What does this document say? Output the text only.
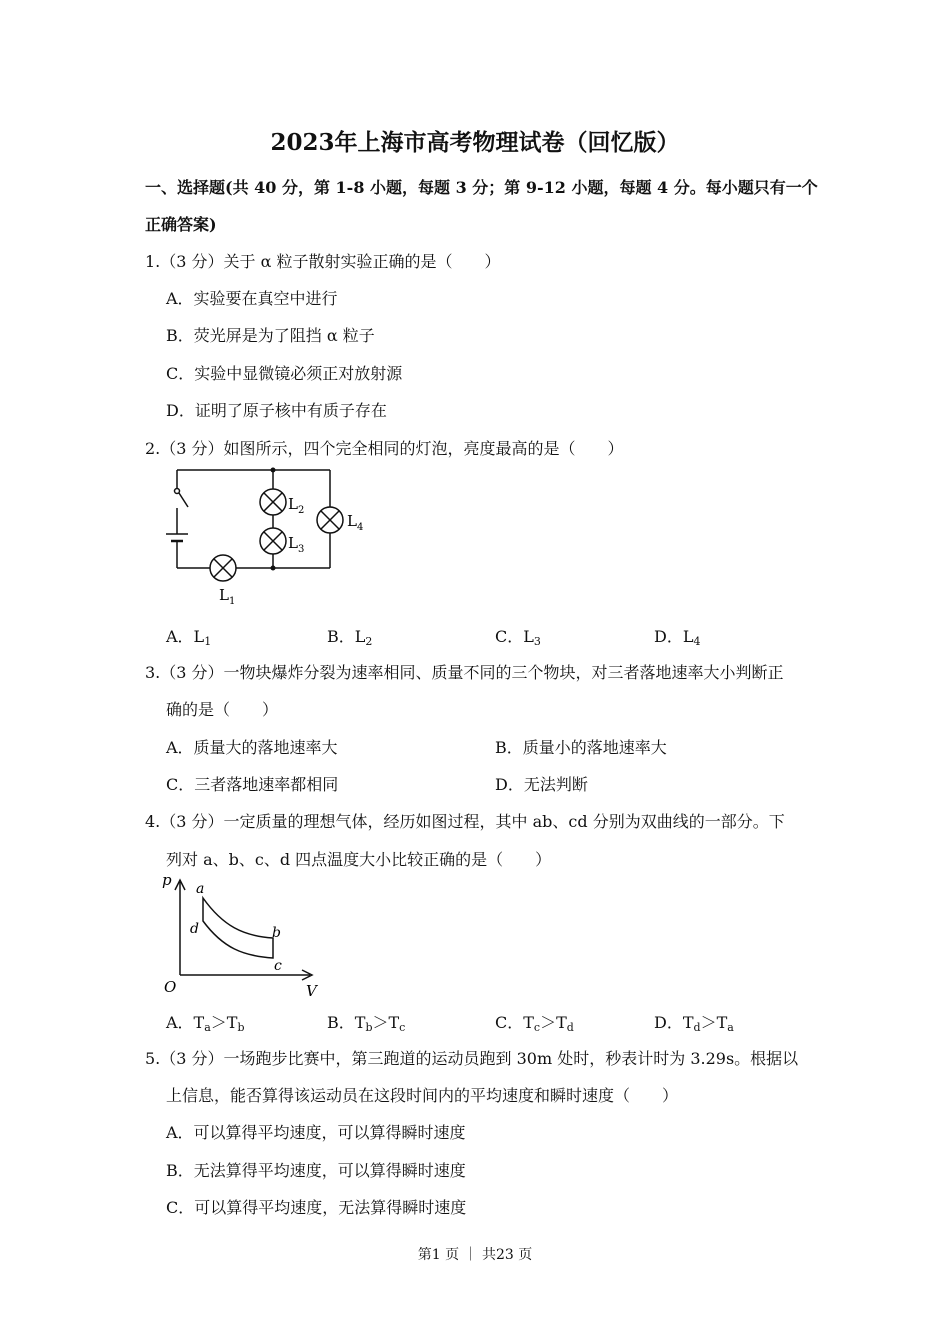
2023年上海市高考物理试卷（回忆版）
一、选择题(共 40 分，第 1-8 小题，每题 3 分；第 9-12 小题，每题 4 分。每小题只有一个
正确答案)
1.（3 分）关于 α 粒子散射实验正确的是（　　）
A．实验要在真空中进行
B．荧光屏是为了阻挡 α 粒子
C．实验中显微镜必须正对放射源
D．证明了原子核中有质子存在
2.（3 分）如图所示，四个完全相同的灯泡，亮度最高的是（　　）
$L_2$
$L_3$
$L_4$
$L_1$
A．$L_1$	B．$L_2$	C．$L_3$	D．$L_4$
3.（3 分）一物块爆炸分裂为速率相同、质量不同的三个物块，对三者落地速率大小判断正
确的是（　　）
A．质量大的落地速率大	B．质量小的落地速率大
C．三者落地速率都相同	D．无法判断
4.（3 分）一定质量的理想气体，经历如图过程，其中 ab、cd 分别为双曲线的一部分。下
列对 a、b、c、d 四点温度大小比较正确的是（　　）
p
V
O
a
b
c
d
A．$T_a>T_b$	B．$T_b>T_c$	C．$T_c>T_d$	D．$T_d>T_a$
5.（3 分）一场跑步比赛中，第三跑道的运动员跑到 30m 处时，秒表计时为 3.29s。根据以
上信息，能否算得该运动员在这段时间内的平均速度和瞬时速度（　　）
A．可以算得平均速度，可以算得瞬时速度
B．无法算得平均速度，可以算得瞬时速度
C．可以算得平均速度，无法算得瞬时速度
第1 页 ｜ 共23 页
